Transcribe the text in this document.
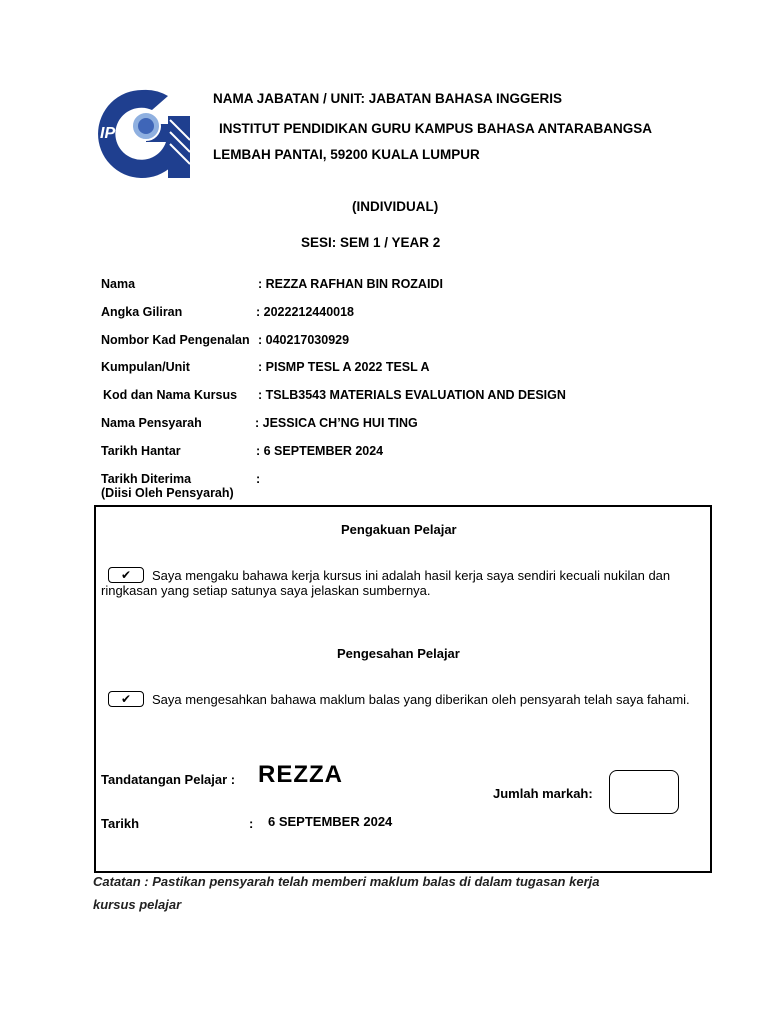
IPG
NAMA JABATAN / UNIT: JABATAN BAHASA INGGERIS
INSTITUT PENDIDIKAN GURU KAMPUS BAHASA ANTARABANGSA
LEMBAH PANTAI, 59200 KUALA LUMPUR
(INDIVIDUAL)
SESI: SEM 1 / YEAR 2
Nama	: REZZA RAFHAN BIN ROZAIDI
Angka Giliran	: 2022212440018
Nombor Kad Pengenalan : 040217030929
Kumpulan/Unit	: PISMP TESL A 2022 TESL A
Kod dan Nama Kursus : TSLB3543 MATERIALS EVALUATION AND DESIGN
Nama Pensyarah	: JESSICA CH’NG HUI TING
Tarikh Hantar	: 6 SEPTEMBER 2024
Tarikh Diterima
(Diisi Oleh Pensyarah)
:
Pengakuan Pelajar
✔	Saya mengaku bahawa kerja kursus ini adalah hasil kerja saya sendiri kecuali nukilan dan ringkasan yang setiap satunya saya jelaskan sumbernya.
Pengesahan Pelajar
✔	Saya mengesahkan bahawa maklum balas yang diberikan oleh pensyarah telah saya fahami.
Tandatangan Pelajar : REZZA
Jumlah markah:
Tarikh	: 6 SEPTEMBER 2024
Catatan : Pastikan pensyarah telah memberi maklum balas di dalam tugasan kerja
kursus pelajar
